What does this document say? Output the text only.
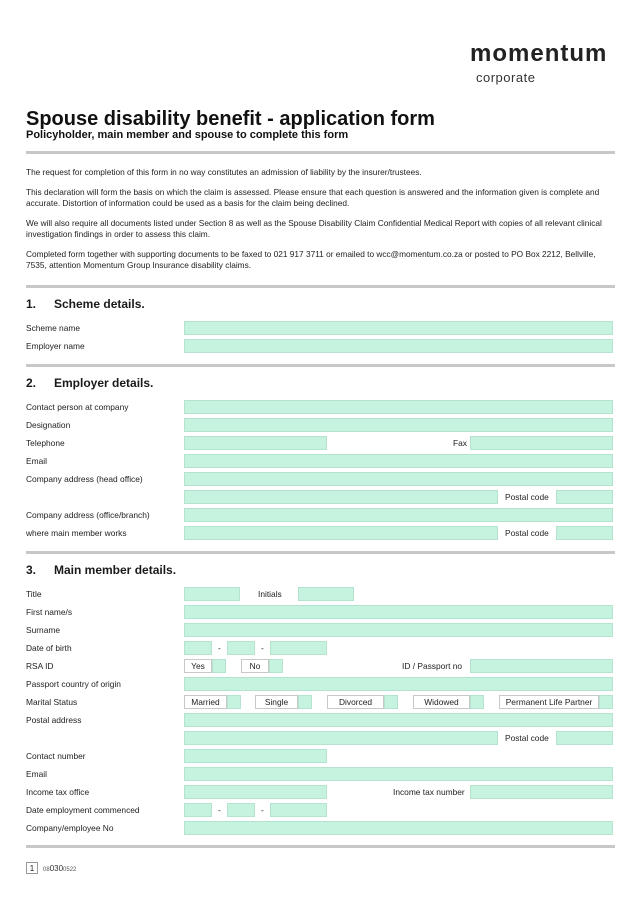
momentum
corporate
Spouse disability benefit - application form
Policyholder, main member and spouse to complete this form
The request for completion of this form in no way constitutes an admission of liability by the insurer/trustees.
This declaration will form the basis on which the claim is assessed. Please ensure that each question is answered and the information given is complete and accurate. Distortion of information could be used as a basis for the claim being declined.
We will also require all documents listed under Section 8 as well as the Spouse Disability Claim Confidential Medical Report with copies of all relevant clinical investigation findings in order to assess this claim.
Completed form together with supporting documents to be faxed to 021 917 3711 or emailed to wcc@momentum.co.za or posted to PO Box 2212, Bellville, 7535, attention Momentum Group Insurance disability claims.
1. Scheme details.
Scheme name
Employer name
2. Employer details.
Contact person at company
Designation
Telephone	Fax
Email
Company address (head office)
Postal code
Company address (office/branch)
where main member works	Postal code
3. Main member details.
Title	Initials
First name/s
Surname
Date of birth	-	-
RSA ID	Yes	No	ID / Passport no
Passport country of origin
Marital Status	Married	Single	Divorced	Widowed	Permanent Life Partner
Postal address
Postal code
Contact number
Email
Income tax office	Income tax number
Date employment commenced	-	-
Company/employee No
1	080300522
